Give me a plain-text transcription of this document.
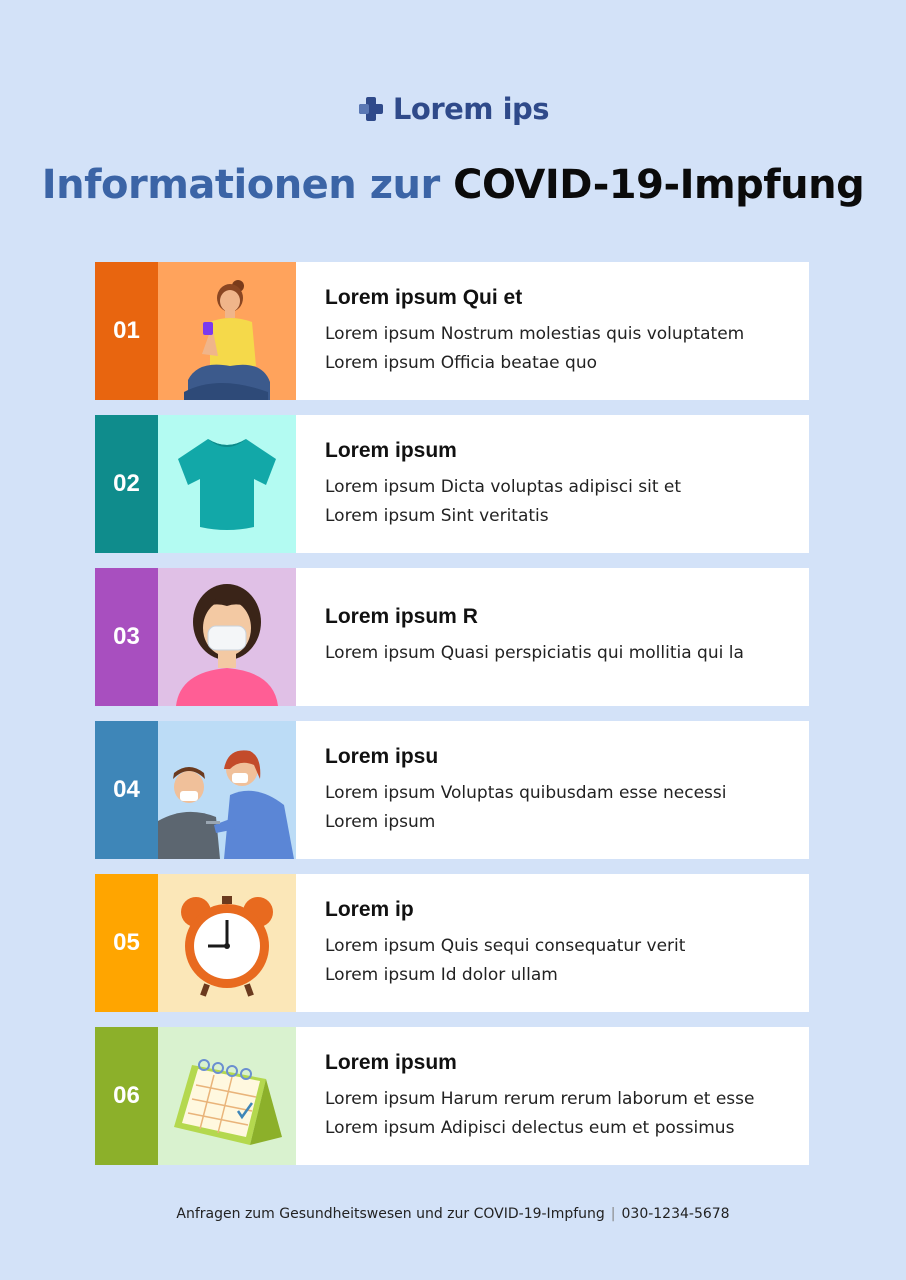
Lorem ips
Informationen zur COVID-19-Impfung
01
Lorem ipsum Qui et
Lorem ipsum Nostrum molestias quis voluptatem
Lorem ipsum Officia beatae quo
02
Lorem ipsum
Lorem ipsum Dicta voluptas adipisci sit et
Lorem ipsum Sint veritatis
03
Lorem ipsum R
Lorem ipsum Quasi perspiciatis qui mollitia qui la
04
Lorem ipsu
Lorem ipsum Voluptas quibusdam esse necessi
Lorem ipsum
05
Lorem ip
Lorem ipsum Quis sequi consequatur verit
Lorem ipsum Id dolor ullam
06
Lorem ipsum
Lorem ipsum Harum rerum rerum laborum et esse
Lorem ipsum Adipisci delectus eum et possimus
Anfragen zum Gesundheitswesen und zur COVID-19-Impfung | 030-1234-5678
